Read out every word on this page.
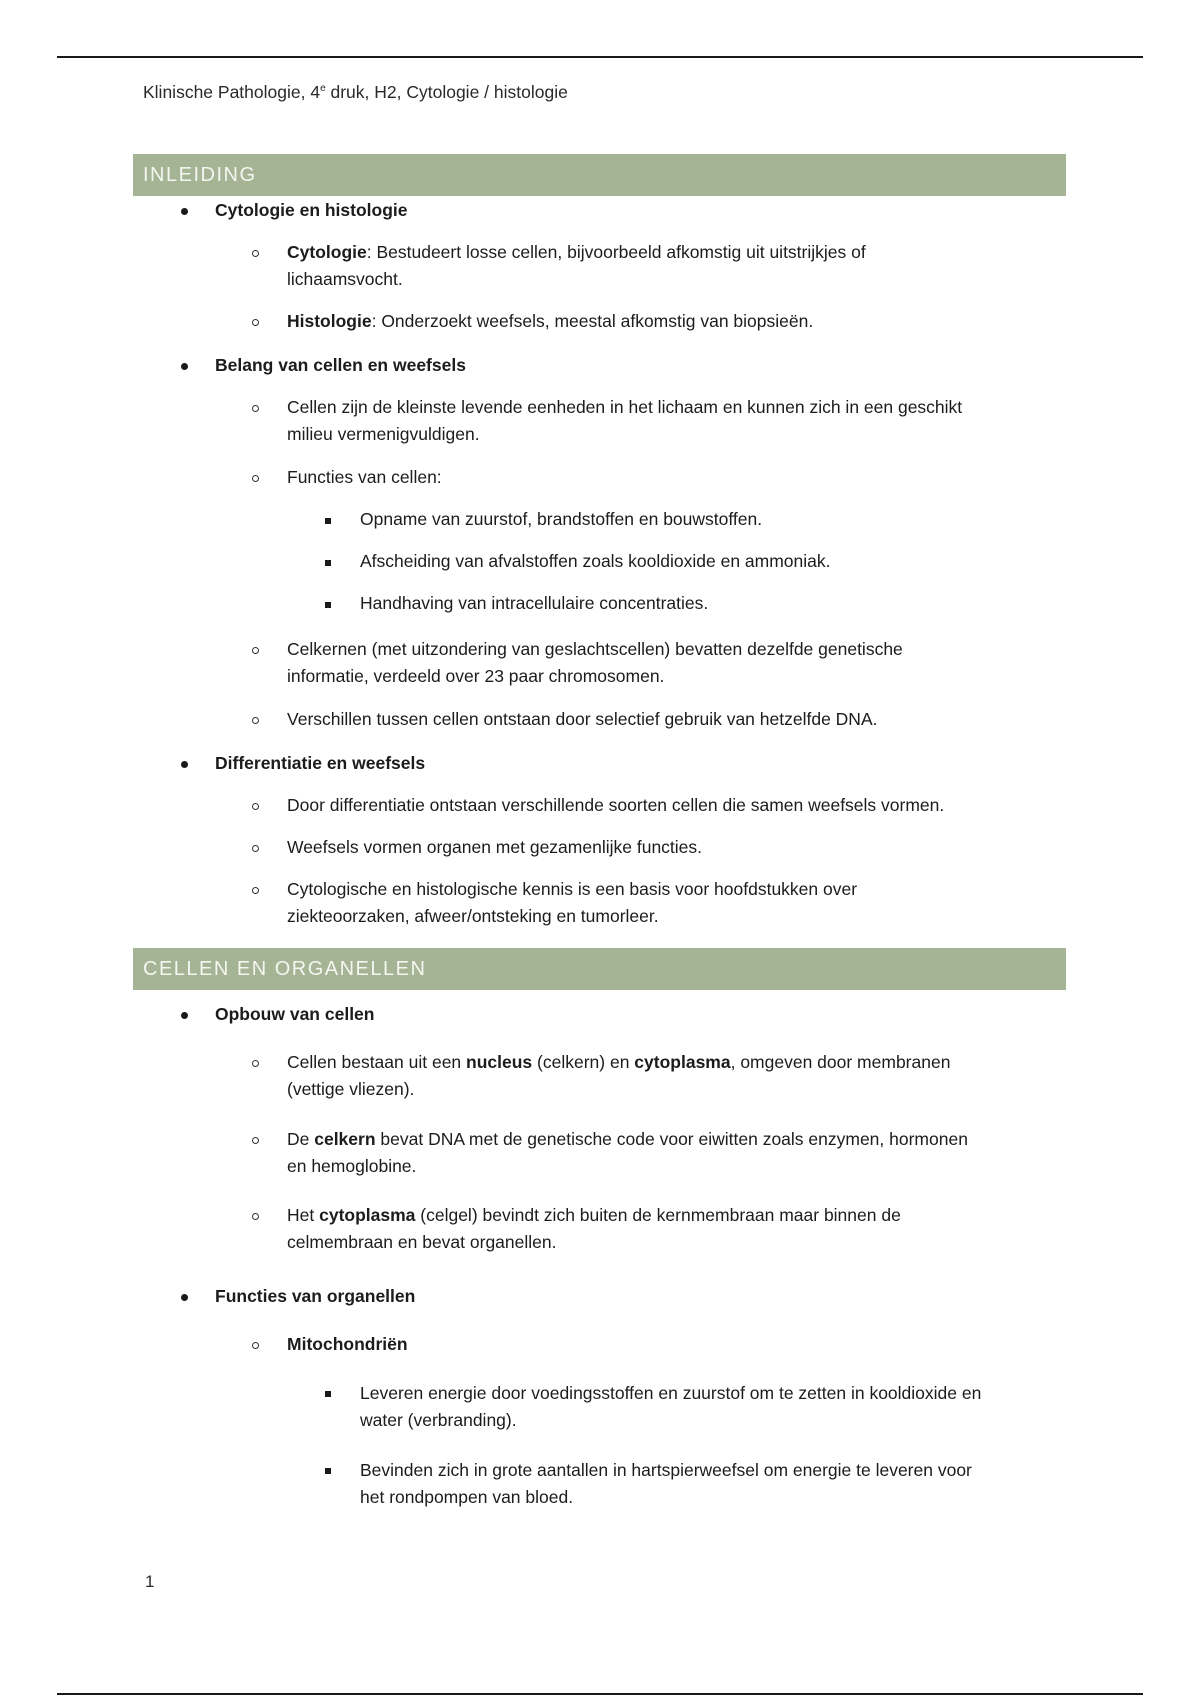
Klinische Pathologie, 4e druk, H2, Cytologie / histologie
INLEIDING
Cytologie en histologie
Cytologie: Bestudeert losse cellen, bijvoorbeeld afkomstig uit uitstrijkjes of
lichaamsvocht.
Histologie: Onderzoekt weefsels, meestal afkomstig van biopsieën.
Belang van cellen en weefsels
Cellen zijn de kleinste levende eenheden in het lichaam en kunnen zich in een geschikt
milieu vermenigvuldigen.
Functies van cellen:
Opname van zuurstof, brandstoffen en bouwstoffen.
Afscheiding van afvalstoffen zoals kooldioxide en ammoniak.
Handhaving van intracellulaire concentraties.
Celkernen (met uitzondering van geslachtscellen) bevatten dezelfde genetische
informatie, verdeeld over 23 paar chromosomen.
Verschillen tussen cellen ontstaan door selectief gebruik van hetzelfde DNA.
Differentiatie en weefsels
Door differentiatie ontstaan verschillende soorten cellen die samen weefsels vormen.
Weefsels vormen organen met gezamenlijke functies.
Cytologische en histologische kennis is een basis voor hoofdstukken over
ziekteoorzaken, afweer/ontsteking en tumorleer.
CELLEN EN ORGANELLEN
Opbouw van cellen
Cellen bestaan uit een nucleus (celkern) en cytoplasma, omgeven door membranen
(vettige vliezen).
De celkern bevat DNA met de genetische code voor eiwitten zoals enzymen, hormonen
en hemoglobine.
Het cytoplasma (celgel) bevindt zich buiten de kernmembraan maar binnen de
celmembraan en bevat organellen.
Functies van organellen
Mitochondriën
Leveren energie door voedingsstoffen en zuurstof om te zetten in kooldioxide en
water (verbranding).
Bevinden zich in grote aantallen in hartspierweefsel om energie te leveren voor
het rondpompen van bloed.
1
